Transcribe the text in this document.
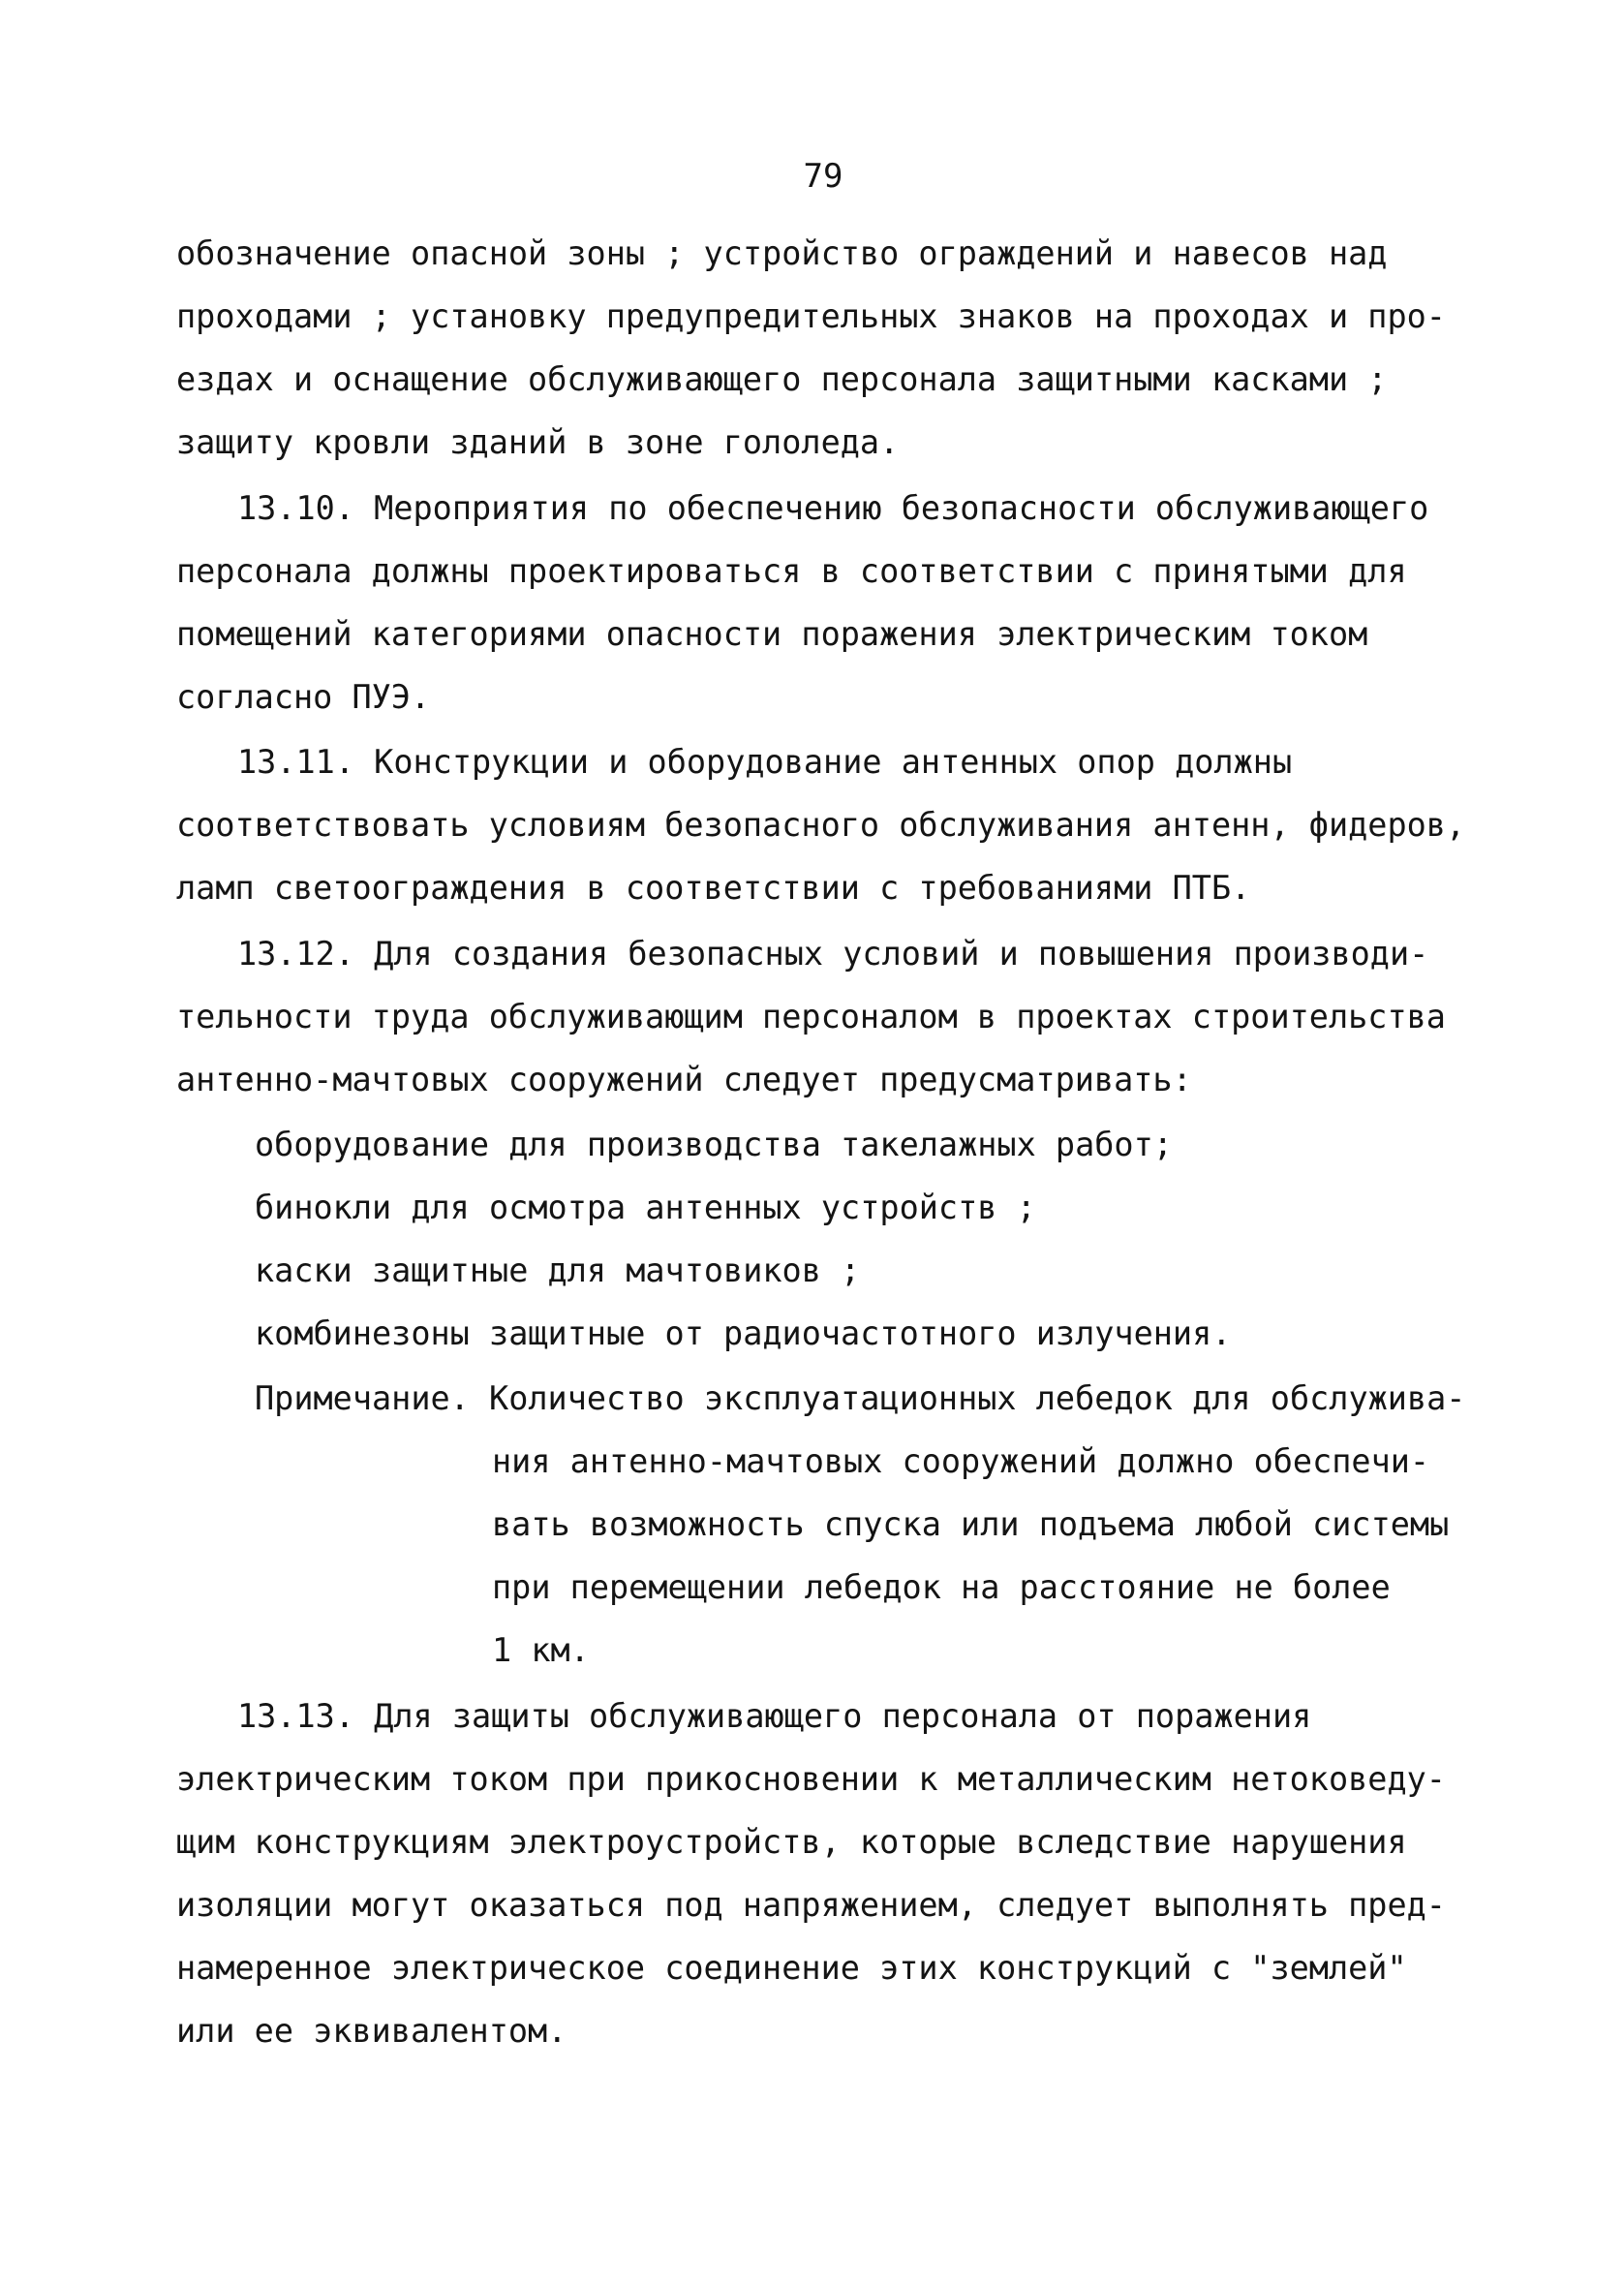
79
обозначение опасной зоны ; устройство ограждений и навесов над
проходами ; установку предупредительных знаков на проходах и про-
ездах и оснащение обслуживающего персонала защитными касками ;
защиту кровли зданий в зоне гололеда.
13.10. Мероприятия по обеспечению безопасности обслуживающего
персонала должны проектироваться в соответствии с принятыми для
помещений категориями опасности поражения электрическим током
согласно ПУЭ.
13.11. Конструкции и оборудование антенных опор должны
соответствовать условиям безопасного обслуживания антенн, фидеров,
ламп светоограждения в соответствии с требованиями ПТБ.
13.12. Для создания безопасных условий и повышения производи-
тельности труда обслуживающим персоналом в проектах строительства
антенно-мачтовых сооружений следует предусматривать:
оборудование для производства такелажных работ;
бинокли для осмотра антенных устройств ;
каски защитные для мачтовиков ;
комбинезоны защитные от радиочастотного излучения.
Примечание. Количество эксплуатационных лебедок для обслужива-
ния антенно-мачтовых сооружений должно обеспечи-
вать возможность спуска или подъема любой системы
при перемещении лебедок на расстояние не более
1 км.
13.13. Для защиты обслуживающего персонала от поражения
электрическим током при прикосновении к металлическим нетоковеду-
щим конструкциям электроустройств, которые вследствие нарушения
изоляции могут оказаться под напряжением, следует выполнять пред-
намеренное электрическое соединение этих конструкций с "землей"
или ее эквивалентом.
